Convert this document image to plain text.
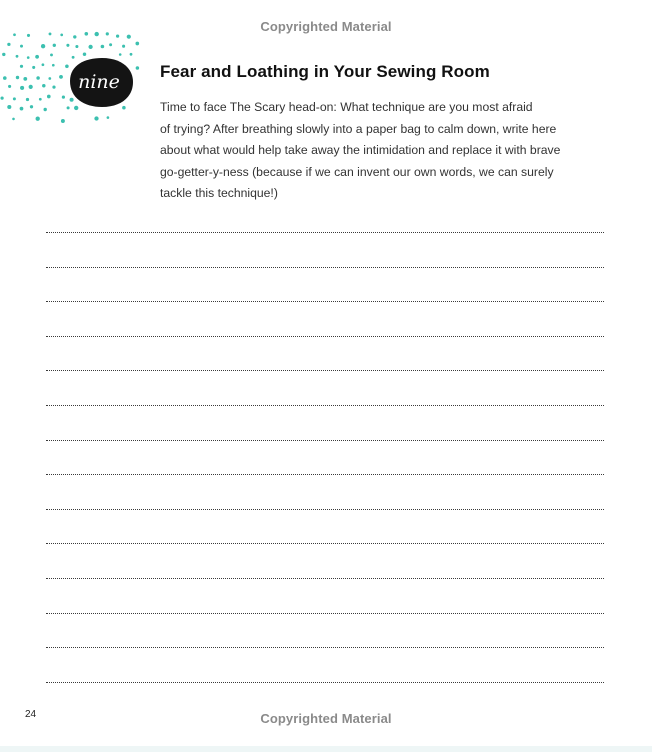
Copyrighted Material
nine Fear and Loathing in Your Sewing Room
Time to face The Scary head-on: What technique are you most afraid
of trying? After breathing slowly into a paper bag to calm down, write here
about what would help take away the intimidation and replace it with brave
go-getter-y-ness (because if we can invent our own words, we can surely
tackle this technique!)
24	Copyrighted Material
